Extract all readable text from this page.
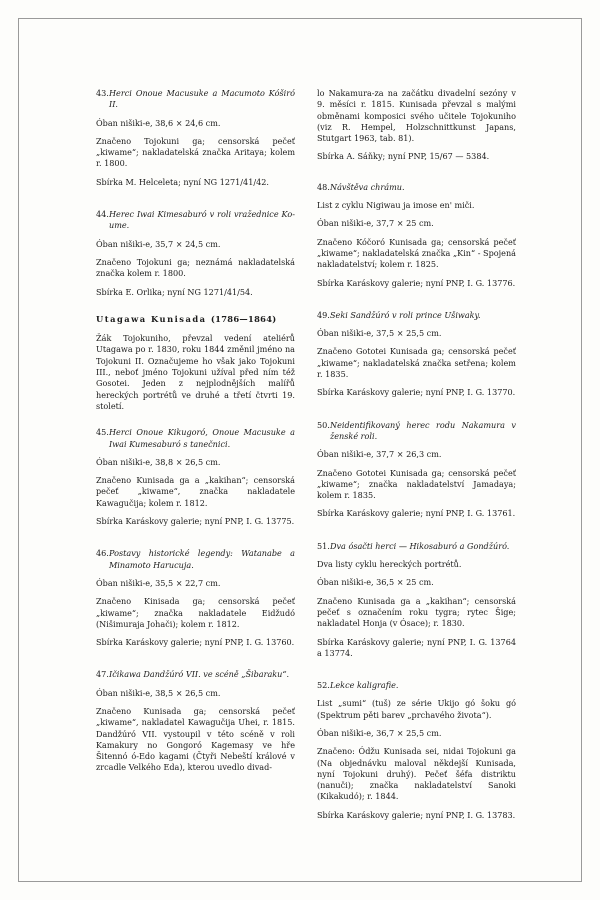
43. Herci Onoue Macusuke a Macumoto Kóširó II.

Óban nišiki-e, 38,6 × 24,6 cm.

Značeno Tojokuni ga; censorská pečeť „kiwame“; nakladatelská značka Aritaya; kolem r. 1800.

Sbírka M. Helceleta; nyní NG 1271/41/42.

44. Herec Iwai Kimesaburó v roli vražednice Ko-ume.

Óban nišiki-e, 35,7 × 24,5 cm.

Značeno Tojokuni ga; neznámá nakladatelská značka kolem r. 1800.

Sbírka E. Orlika; nyní NG 1271/41/54.

Utagawa Kunisada (1786—1864)

Žák Tojokuniho, převzal vedení ateliérů Utagawa po r. 1830, roku 1844 změnil jméno na Tojokuni II. Označujeme ho však jako Tojokuni III., neboť jméno Tojokuni užíval před ním též Gosotei. Jeden z nejplodnějších malířů hereckých portrétů ve druhé a třetí čtvrti 19. století.

45. Herci Onoue Kikugoró, Onoue Macusuke a Iwai Kumesaburó s tanečnici.

Óban nišiki-e, 38,8 × 26,5 cm.

Značeno Kunisada ga a „kakihan“; censorská pečeť „kiwame“, značka nakladatele Kawagučija; kolem r. 1812.

Sbírka Karáskovy galerie; nyní PNP, I. G. 13775.

46. Postavy historické legendy: Watanabe a Minamoto Harucuja.

Óban nišiki-e, 35,5 × 22,7 cm.

Značeno Kinisada ga; censorská pečeť „kiwame“; značka nakladatele Eidžudó (Nišimuraja Johači); kolem r. 1812.

Sbírka Karáskovy galerie; nyní PNP, I. G. 13760.

47. Ičikawa Dandžúró VII. ve scéně „Šibaraku“.

Óban nišiki-e, 38,5 × 26,5 cm.

Značeno Kunisada ga; censorská pečeť „kiwame“, nakladatel Kawagučija Uhei, r. 1815. Dandžúró VII. vystoupil v této scéně v roli Kamakury no Gongoró Kagemasy ve hře Šitennó ó-Edo kagami (Čtyři Nebeští králové v zrcadle Velkého Eda), kterou uvedlo divad-

lo Nakamura-za na začátku divadelní sezóny v 9. měsíci r. 1815. Kunisada převzal s malými obměnami komposici svého učitele Tojokuniho (viz R. Hempel, Holzschnittkunst Japans, Stutgart 1963, tab. 81).

Sbírka A. Sáňky; nyní PNP, 15/67 — 5384.

48. Návštěva chrámu.

List z cyklu Nigiwau ja imose en' miči.

Óban nišiki-e, 37,7 × 25 cm.

Značeno Kóčoró Kunisada ga; censorská pečeť „kiwame“; nakladatelská značka „Kin“ - Spojená nakladatelství; kolem r. 1825.

Sbírka Karáskovy galerie; nyní PNP, I. G. 13776.

49. Seki Sandžúró v roli prince Ušiwaky.

Óban nišiki-e, 37,5 × 25,5 cm.

Značeno Gototei Kunisada ga; censorská pečeť „kiwame“; nakladatelská značka setřena; kolem r. 1835.

Sbírka Karáskovy galerie; nyní PNP, I. G. 13770.

50. Neidentifikovaný herec rodu Nakamura v ženské roli.

Óban nišiki-e, 37,7 × 26,3 cm.

Značeno Gototei Kunisada ga; censorská pečeť „kiwame“; značka nakladatelství Jamadaya; kolem r. 1835.

Sbírka Karáskovy galerie; nyní PNP, I. G. 13761.

51. Dva ósačti herci — Hikosaburó a Gondžúró.

Dva listy cyklu hereckých portrétů.

Óban nišiki-e, 36,5 × 25 cm.

Značeno Kunisada ga a „kakihan“; censorská pečeť s označením roku tygra; rytec Šige; nakladatel Honja (v Ósace); r. 1830.

Sbírka Karáskovy galerie; nyní PNP, I. G. 13764 a 13774.

52. Lekce kaligrafie.

List „sumi“ (tuš) ze série Ukijo gó šoku gó (Spektrum pěti barev „prchavého života“).

Óban nišiki-e, 36,7 × 25,5 cm.

Značeno: Ódžu Kunisada sei, nidai Tojokuni ga (Na objednávku maloval někdejší Kunisada, nyní Tojokuni druhý). Pečeť šéfa distriktu (nanuči); značka nakladatelství Sanoki (Kikakudó); r. 1844.

Sbírka Karáskovy galerie; nyní PNP, I. G. 13783.
